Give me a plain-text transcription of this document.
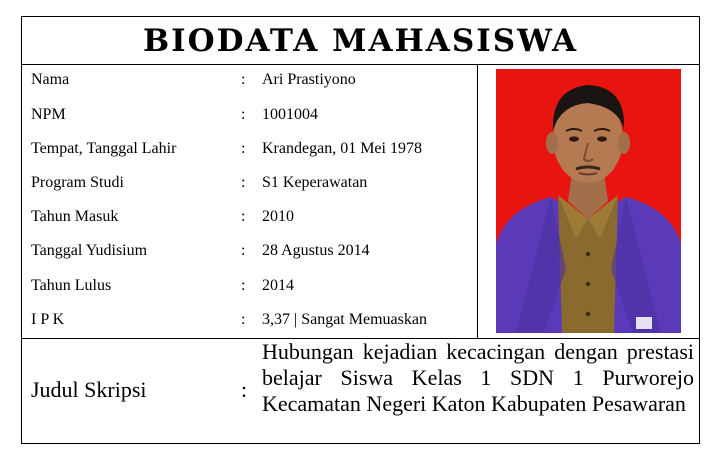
BIODATA MAHASISWA
Nama	: Ari Prastiyono
NPM	: 1001004
Tempat, Tanggal Lahir	: Krandegan, 01 Mei 1978
Program Studi	: S1 Keperawatan
Tahun Masuk	: 2010
Tanggal Yudisium	: 28 Agustus 2014
Tahun Lulus	: 2014
I P K	: 3,37 | Sangat Memuaskan
Judul Skripsi	:
Hubungan kejadian kecacingan dengan prestasi belajar Siswa Kelas 1 SDN 1 Purworejo Kecamatan Negeri Katon Kabupaten Pesawaran
